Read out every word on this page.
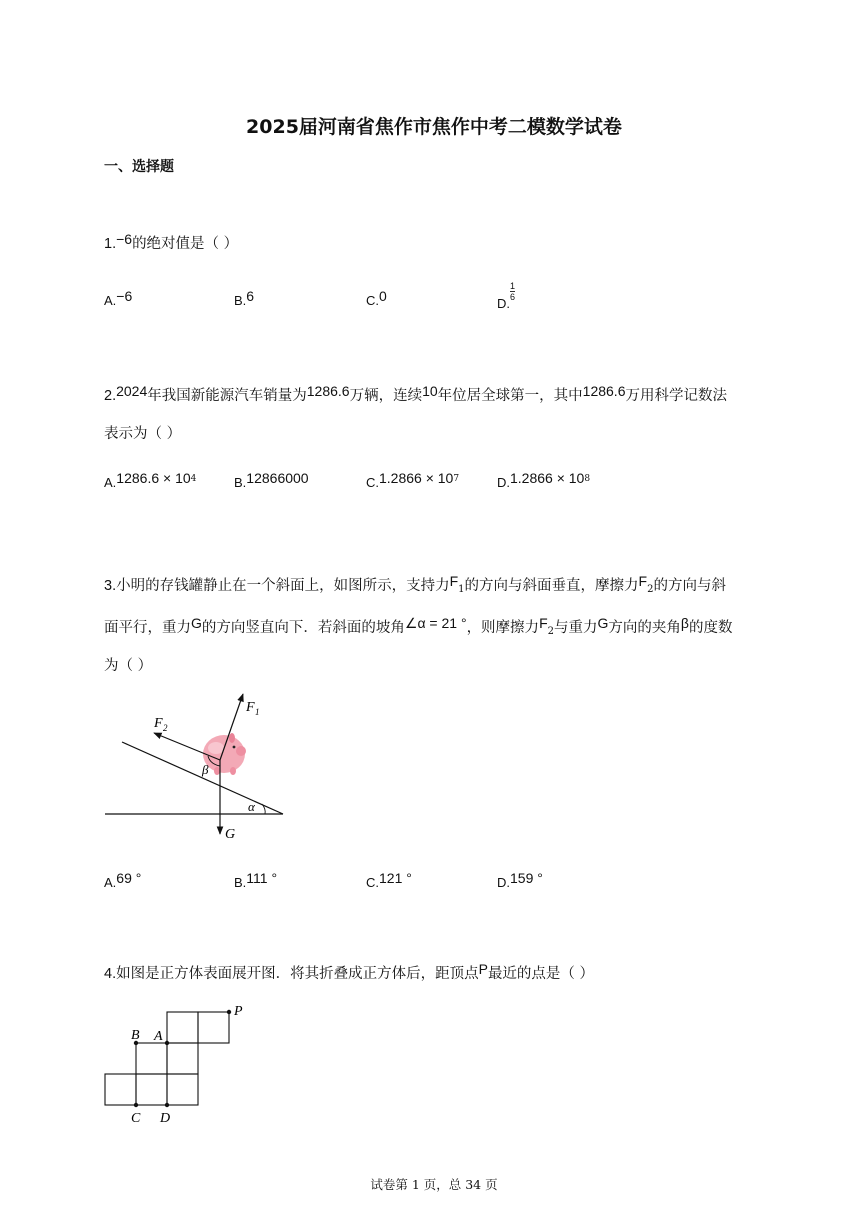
2025届河南省焦作市焦作中考二模数学试卷
一、选择题
1.−6的绝对值是（ ）
A.−6	B.6	C.0	D.
$\frac{1}{6}$
2.2024年我国新能源汽车销量为1286.6万辆，连续10年位居全球第一，其中1286.6万用科学记数法
表示为（ ）
$A.1286.6 \times 10^4$	B.12866000	$C.1.2866 \times 10^7$	$D.1.2866 \times 10^8$
3.小明的存钱罐静止在一个斜面上，如图所示，支持力F1的方向与斜面垂直，摩擦力F2的方向与斜
面平行，重力G的方向竖直向下．若斜面的坡角∠α = 21 °，则摩擦力F2与重力G方向的夹角β的度数
为（ ）
F 1
F 2
G
α
β
A.69 °	B.111 °	C.121 °	D.159 °
4.如图是正方体表面展开图．将其折叠成正方体后，距顶点P最近的点是（ ）
P
A
B
C D
试卷第 1 页，总 34 页
